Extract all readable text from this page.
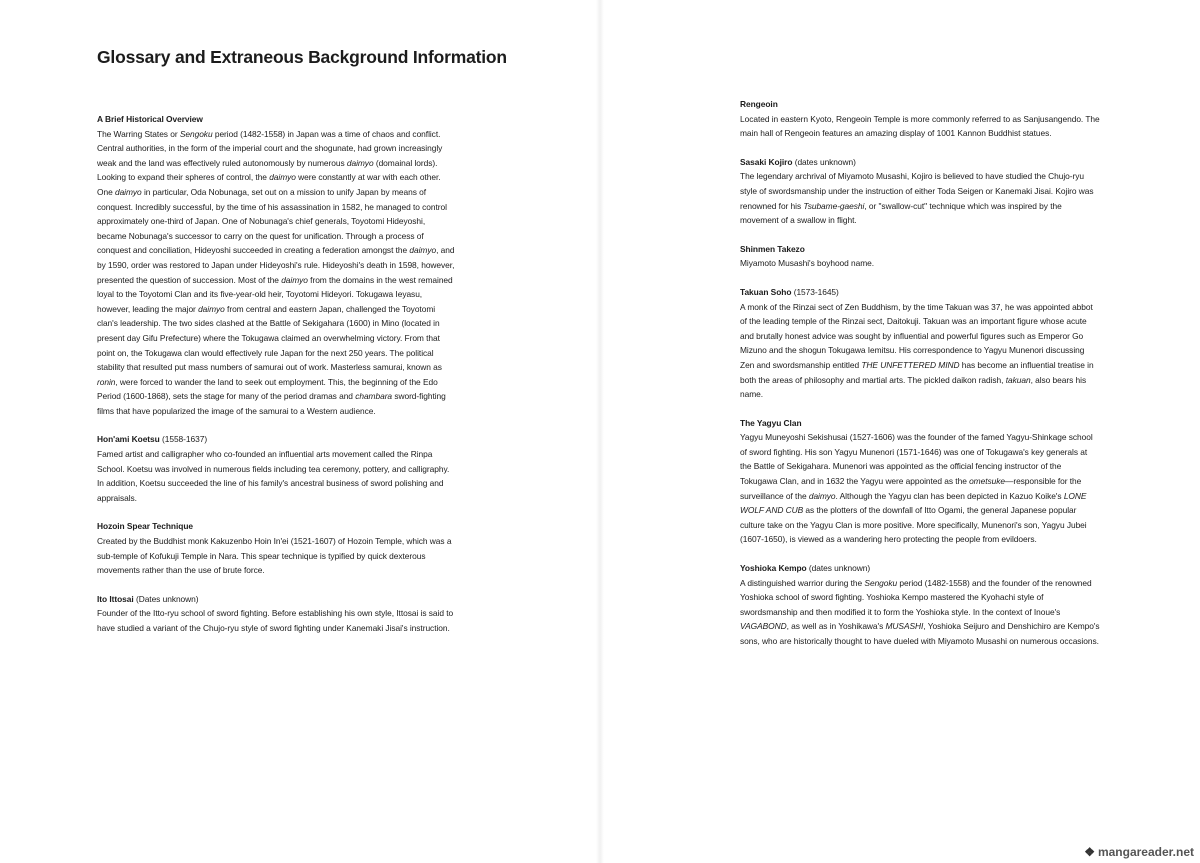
Glossary and Extraneous Background Information

A Brief Historical Overview

The Warring States or Sengoku period (1482-1558) in Japan was a time of chaos and conflict. Central authorities, in the form of the imperial court and the shogunate, had grown increasingly weak and the land was effectively ruled autonomously by numerous daimyo (domainal lords). Looking to expand their spheres of control, the daimyo were constantly at war with each other. One daimyo in particular, Oda Nobunaga, set out on a mission to unify Japan by means of conquest. Incredibly successful, by the time of his assassination in 1582, he managed to control approximately one-third of Japan. One of Nobunaga's chief generals, Toyotomi Hideyoshi, became Nobunaga's successor to carry on the quest for unification. Through a process of conquest and conciliation, Hideyoshi succeeded in creating a federation amongst the daimyo, and by 1590, order was restored to Japan under Hideyoshi's rule. Hideyoshi's death in 1598, however, presented the question of succession. Most of the daimyo from the domains in the west remained loyal to the Toyotomi Clan and its five-year-old heir, Toyotomi Hideyori. Tokugawa Ieyasu, however, leading the major daimyo from central and eastern Japan, challenged the Toyotomi clan's leadership. The two sides clashed at the Battle of Sekigahara (1600) in Mino (located in present day Gifu Prefecture) where the Tokugawa claimed an overwhelming victory. From that point on, the Tokugawa clan would effectively rule Japan for the next 250 years. The political stability that resulted put mass numbers of samurai out of work. Masterless samurai, known as ronin, were forced to wander the land to seek out employment. This, the beginning of the Edo Period (1600-1868), sets the stage for many of the period dramas and chambara sword-fighting films that have popularized the image of the samurai to a Western audience.

Hon'ami Koetsu (1558-1637)

Famed artist and calligrapher who co-founded an influential arts movement called the Rinpa School. Koetsu was involved in numerous fields including tea ceremony, pottery, and calligraphy. In addition, Koetsu succeeded the line of his family's ancestral business of sword polishing and appraisals.

Hozoin Spear Technique

Created by the Buddhist monk Kakuzenbo Hoin In'ei (1521-1607) of Hozoin Temple, which was a sub-temple of Kofukuji Temple in Nara. This spear technique is typified by quick dexterous movements rather than the use of brute force.

Ito Ittosai (Dates unknown)

Founder of the Itto-ryu school of sword fighting. Before establishing his own style, Ittosai is said to have studied a variant of the Chujo-ryu style of sword fighting under Kanemaki Jisai's instruction.

Rengeoin

Located in eastern Kyoto, Rengeoin Temple is more commonly referred to as Sanjusangendo. The main hall of Rengeoin features an amazing display of 1001 Kannon Buddhist statues.

Sasaki Kojiro (dates unknown)

The legendary archrival of Miyamoto Musashi, Kojiro is believed to have studied the Chujo-ryu style of swordsmanship under the instruction of either Toda Seigen or Kanemaki Jisai. Kojiro was renowned for his Tsubame-gaeshi, or "swallow-cut" technique which was inspired by the movement of a swallow in flight.

Shinmen Takezo

Miyamoto Musashi's boyhood name.

Takuan Soho (1573-1645)

A monk of the Rinzai sect of Zen Buddhism, by the time Takuan was 37, he was appointed abbot of the leading temple of the Rinzai sect, Daitokuji. Takuan was an important figure whose acute and brutally honest advice was sought by influential and powerful figures such as Emperor Go Mizuno and the shogun Tokugawa Iemitsu. His correspondence to Yagyu Munenori discussing Zen and swordsmanship entitled THE UNFETTERED MIND has become an influential treatise in both the areas of philosophy and martial arts. The pickled daikon radish, takuan, also bears his name.

The Yagyu Clan

Yagyu Muneyoshi Sekishusai (1527-1606) was the founder of the famed Yagyu-Shinkage school of sword fighting. His son Yagyu Munenori (1571-1646) was one of Tokugawa's key generals at the Battle of Sekigahara. Munenori was appointed as the official fencing instructor of the Tokugawa Clan, and in 1632 the Yagyu were appointed as the ometsuke—responsible for the surveillance of the daimyo. Although the Yagyu clan has been depicted in Kazuo Koike's LONE WOLF AND CUB as the plotters of the downfall of Itto Ogami, the general Japanese popular culture take on the Yagyu Clan is more positive. More specifically, Munenori's son, Yagyu Jubei (1607-1650), is viewed as a wandering hero protecting the people from evildoers.

Yoshioka Kempo (dates unknown)

A distinguished warrior during the Sengoku period (1482-1558) and the founder of the renowned Yoshioka school of sword fighting. Yoshioka Kempo mastered the Kyohachi style of swordsmanship and then modified it to form the Yoshioka style. In the context of Inoue's VAGABOND, as well as in Yoshikawa's MUSASHI, Yoshioka Seijuro and Denshichiro are Kempo's sons, who are historically thought to have dueled with Miyamoto Musashi on numerous occasions.

❖ mangareader.net
